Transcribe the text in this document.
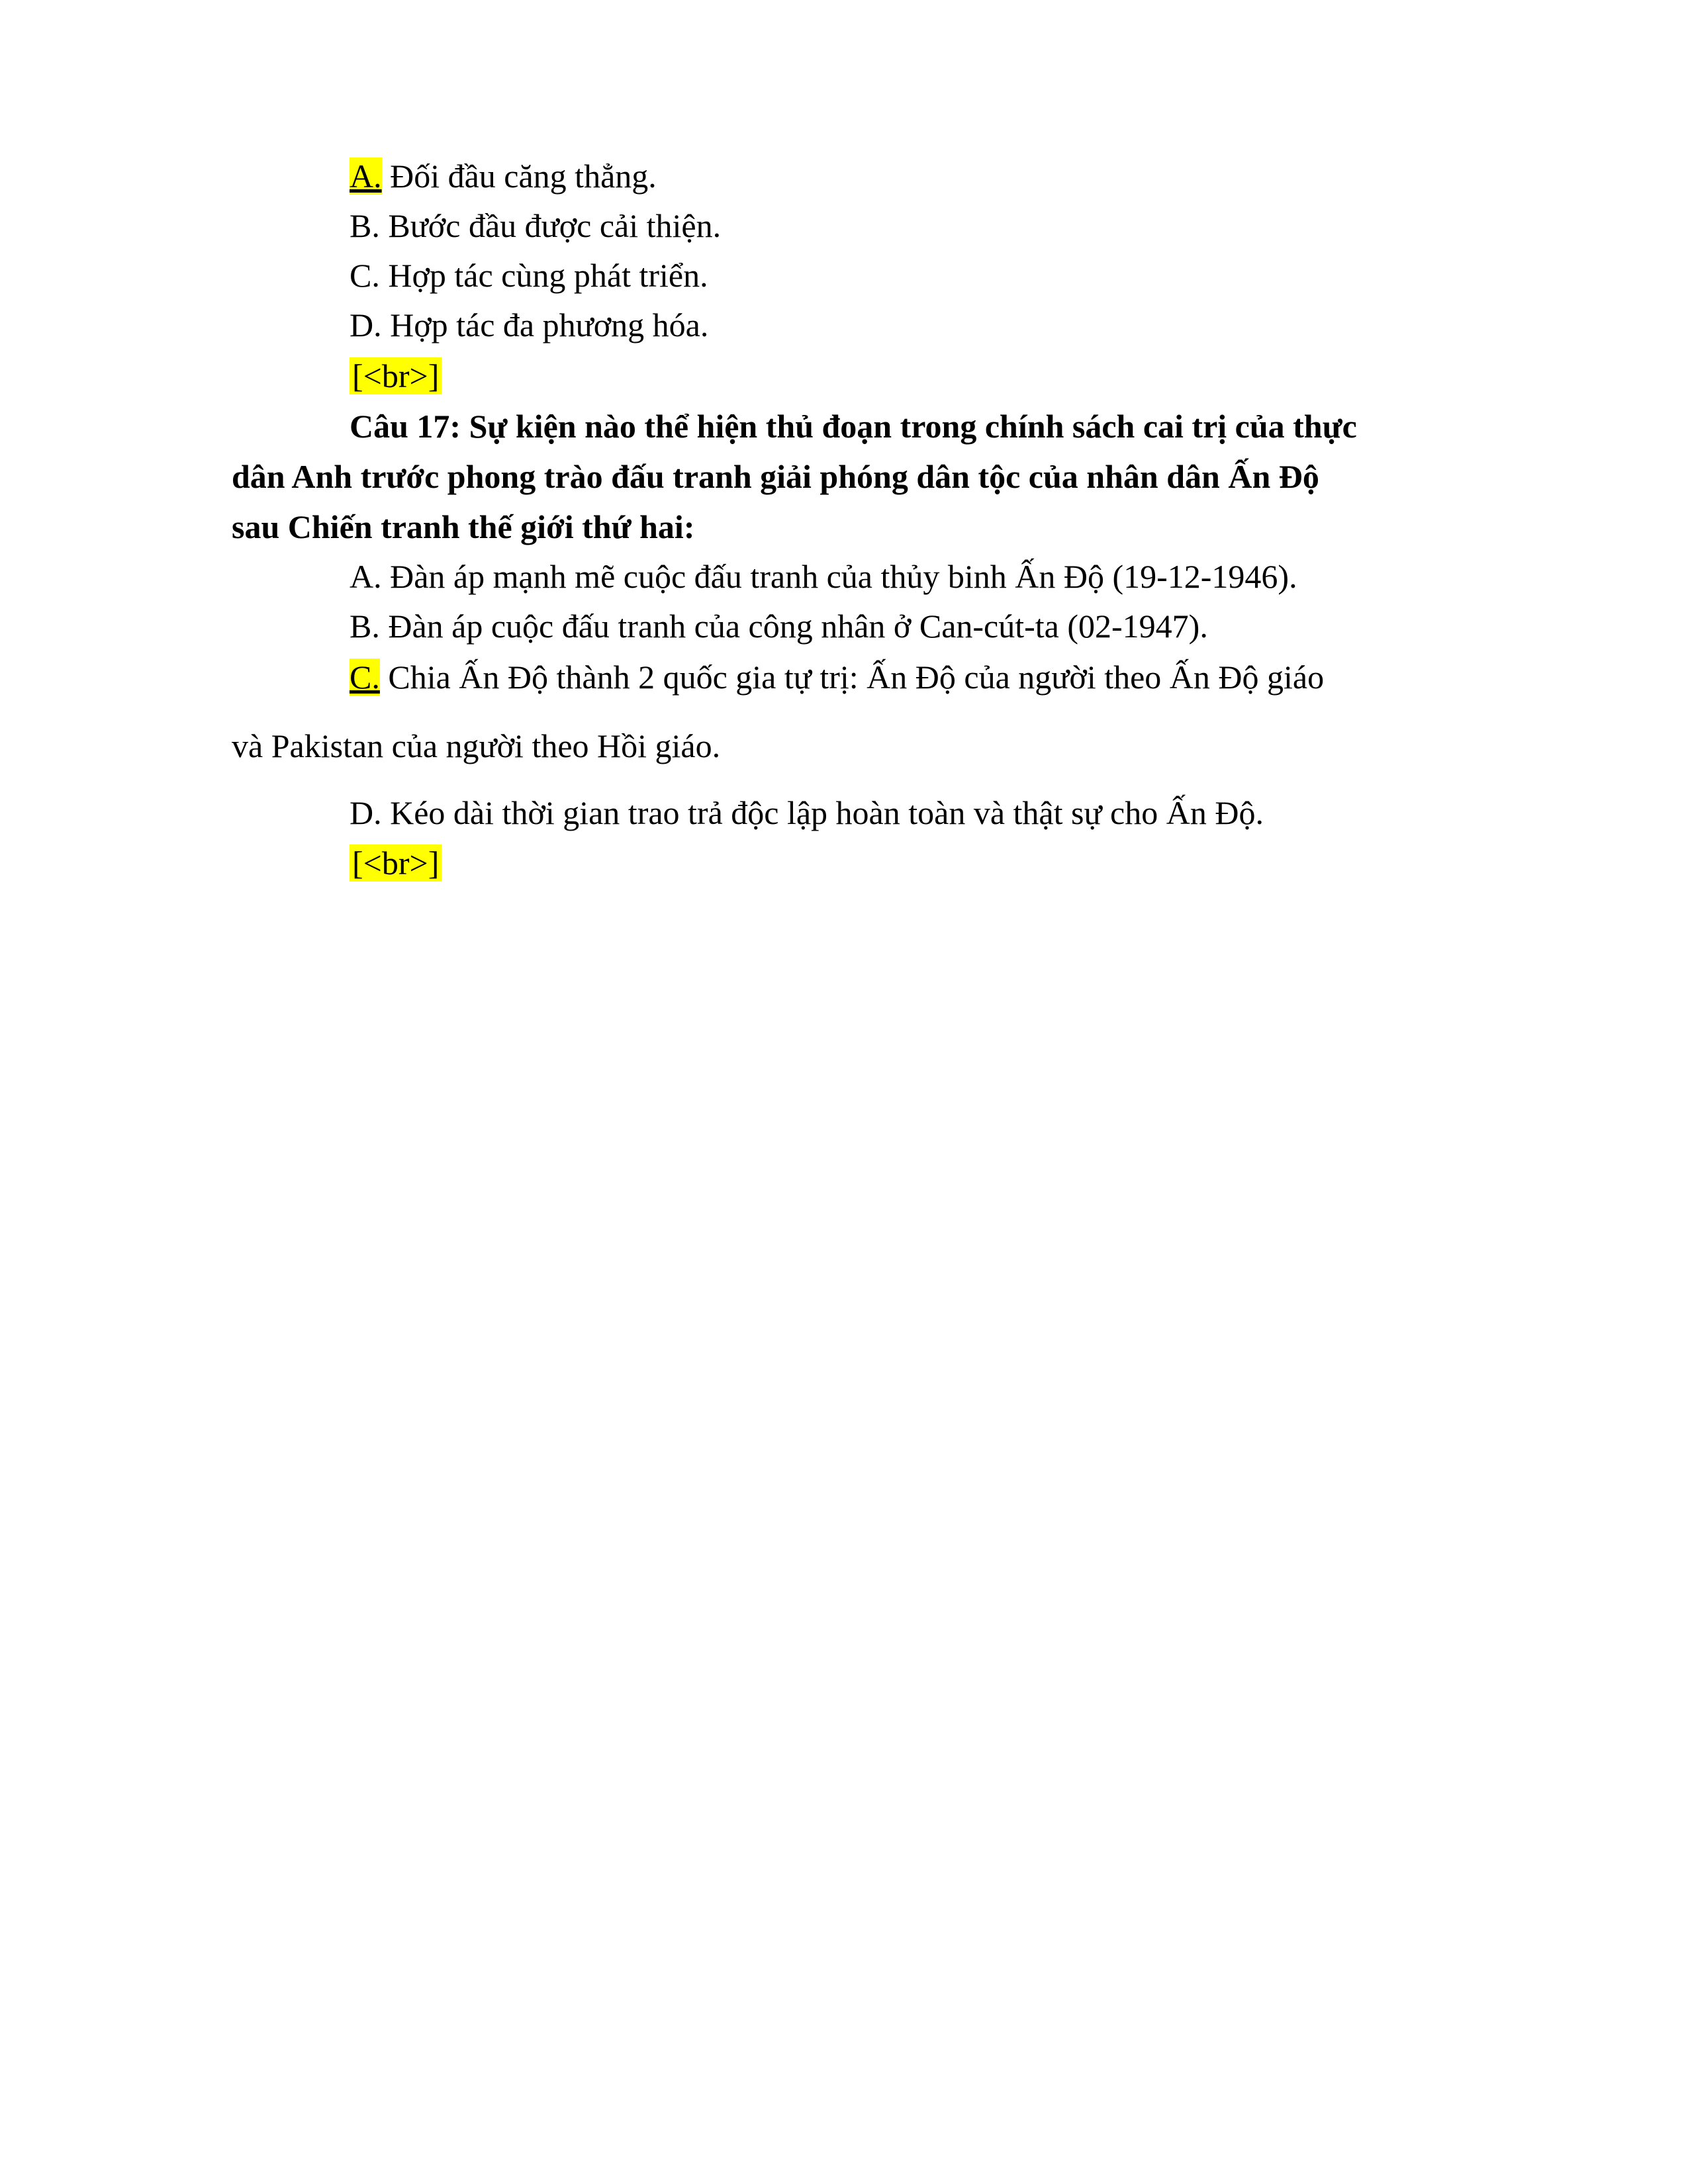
A. Đối đầu căng thẳng.
B. Bước đầu được cải thiện.
C. Hợp tác cùng phát triển.
D. Hợp tác đa phương hóa.
[<br>]
Câu 17: Sự kiện nào thể hiện thủ đoạn trong chính sách cai trị của thực
dân Anh trước phong trào đấu tranh giải phóng dân tộc của nhân dân Ấn Độ
sau Chiến tranh thế giới thứ hai:
A. Đàn áp mạnh mẽ cuộc đấu tranh của thủy binh Ấn Độ (19-12-1946).
B. Đàn áp cuộc đấu tranh của công nhân ở Can-cút-ta (02-1947).
C. Chia Ấn Độ thành 2 quốc gia tự trị: Ấn Độ của người theo Ấn Độ giáo
và Pakistan của người theo Hồi giáo.
D. Kéo dài thời gian trao trả độc lập hoàn toàn và thật sự cho Ấn Độ.
[<br>]
